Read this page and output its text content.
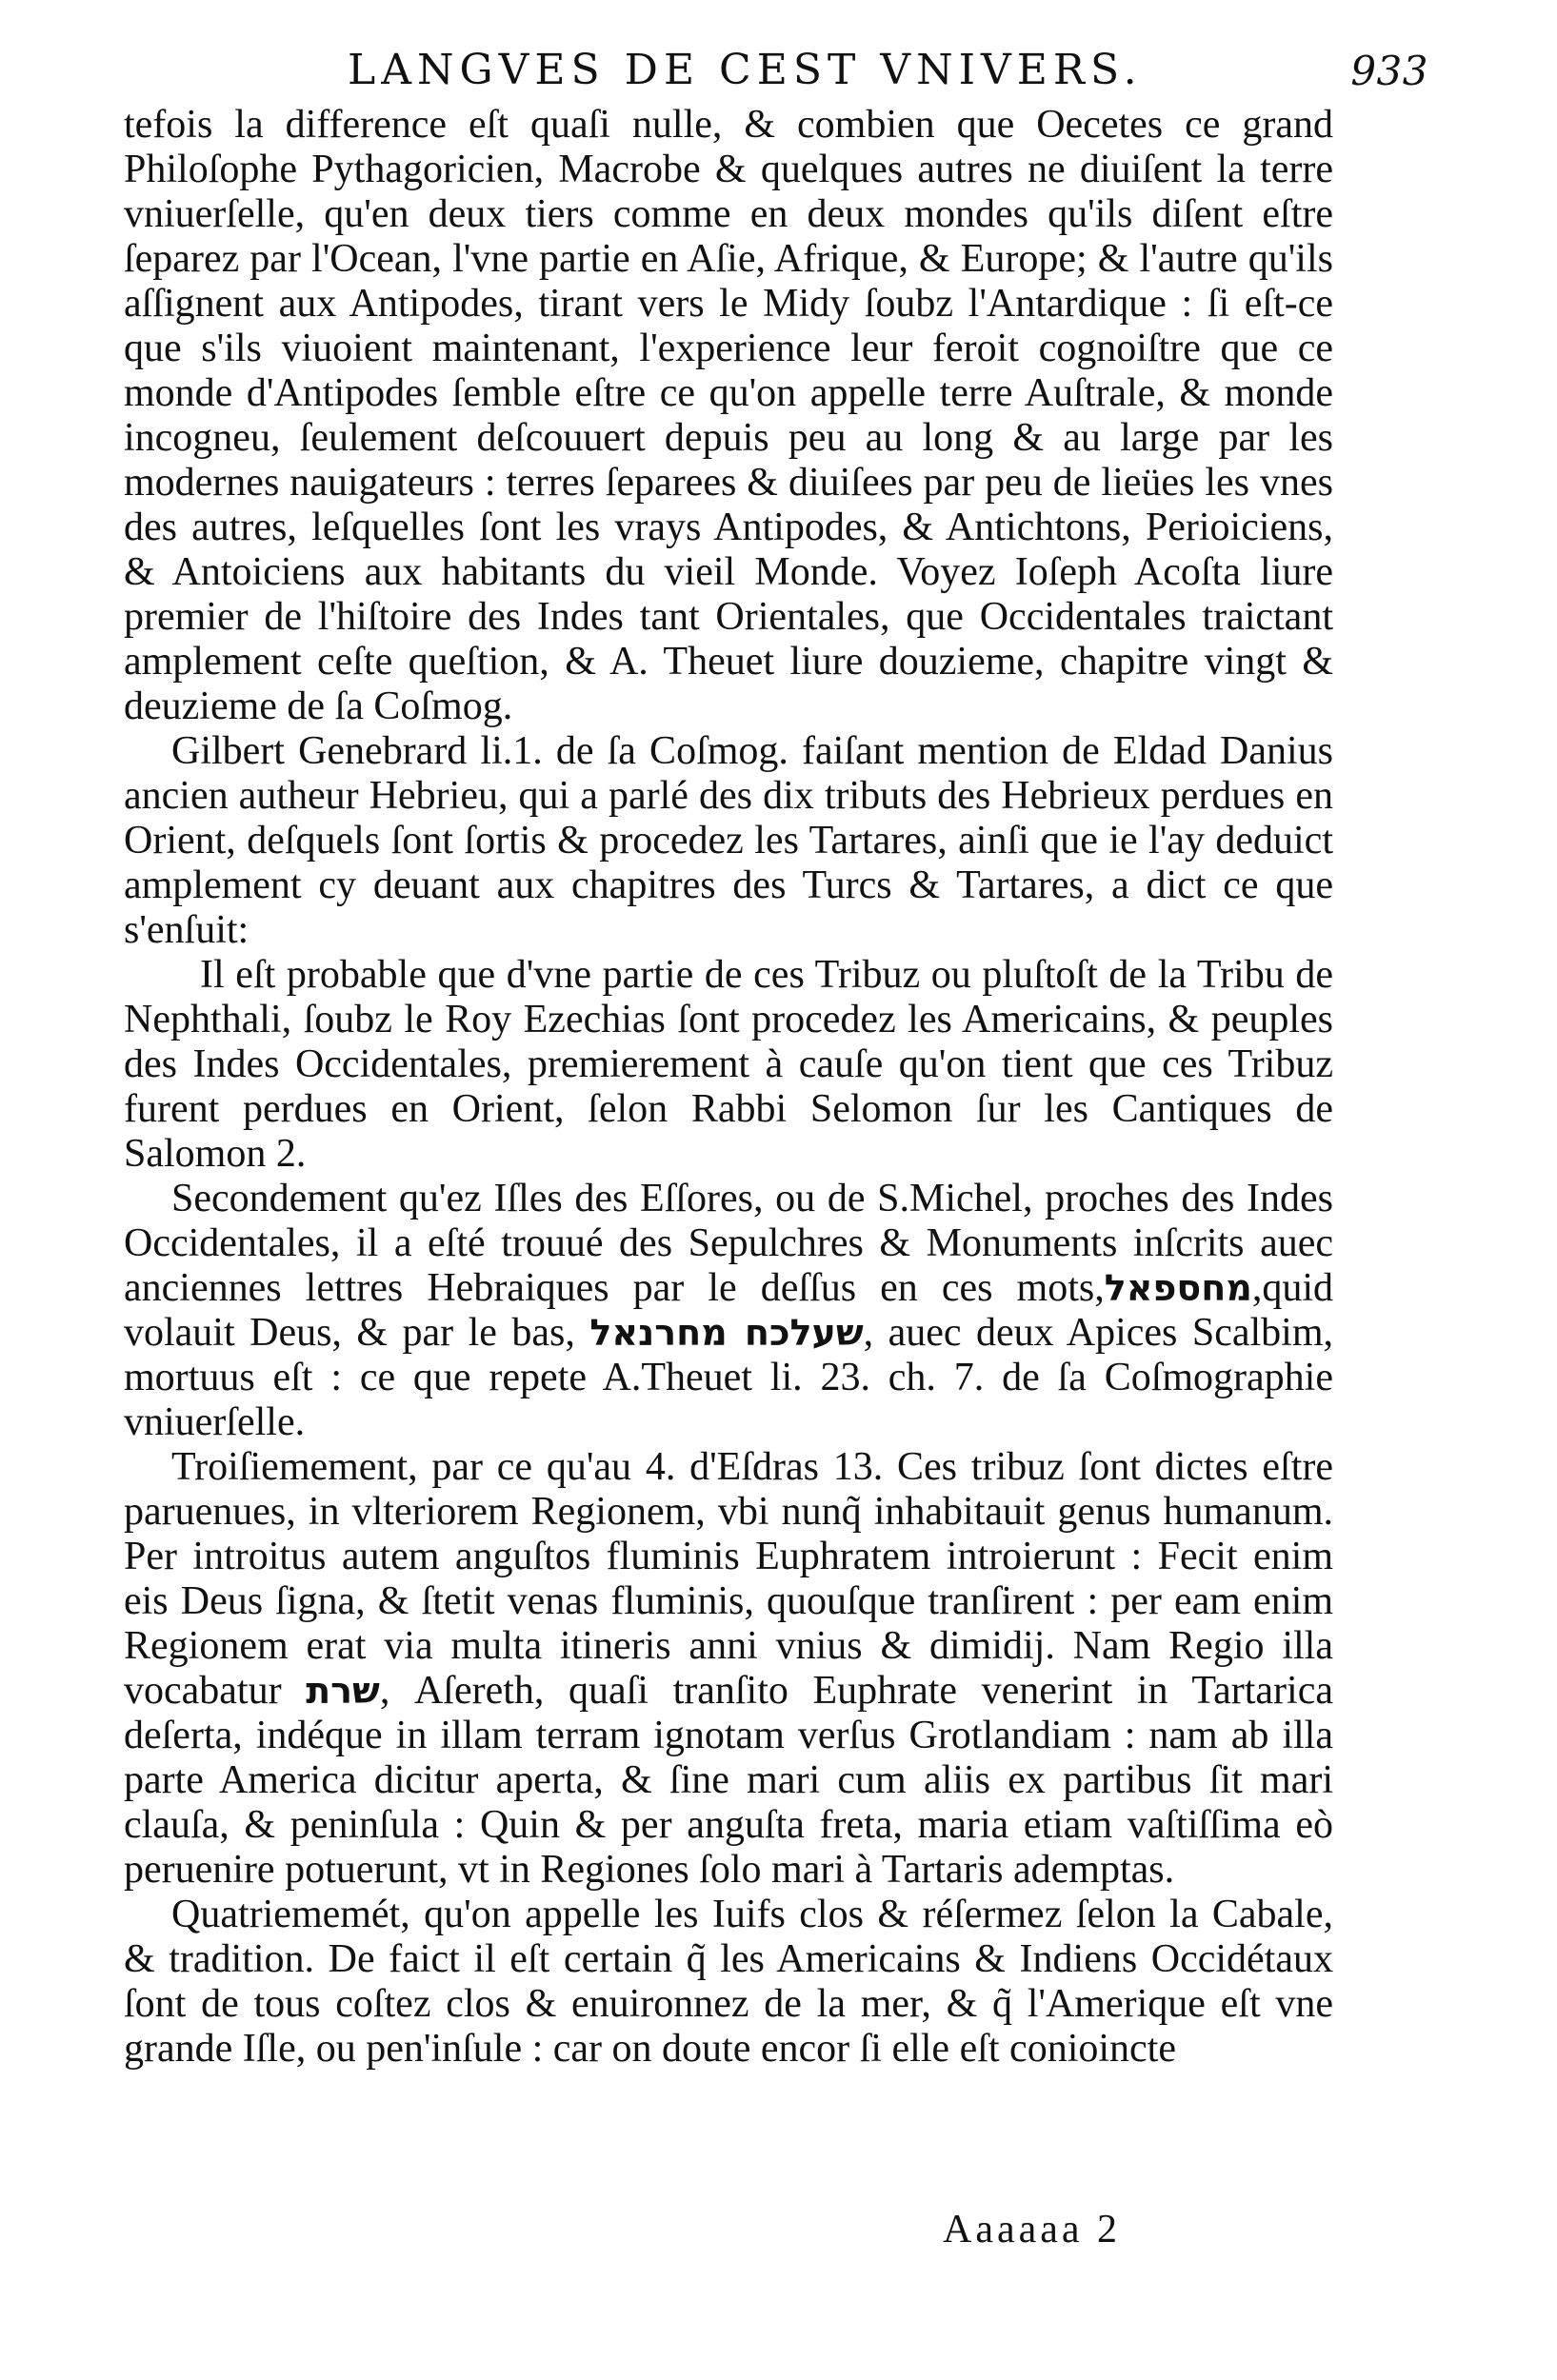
LANGVES DE CEST VNIVERS.	933

tefois la difference eſt quaſi nulle, & combien que Oecetes ce grand Philoſophe Pythagoricien, Macrobe & quelques autres ne diuiſent la terre vniuerſelle, qu'en deux tiers comme en deux mondes qu'ils diſent eſtre ſeparez par l'Ocean, l'vne partie en Aſie, Afrique, & Europe; & l'autre qu'ils aſſignent aux Antipodes, tirant vers le Midy ſoubz l'Antardique : ſi eſt-ce que s'ils viuoient maintenant, l'experience leur feroit cognoiſtre que ce monde d'Antipodes ſemble eſtre ce qu'on appelle terre Auſtrale, & monde incogneu, ſeulement deſcouuert depuis peu au long & au large par les modernes nauigateurs : terres ſeparees & diuiſees par peu de lieües les vnes des autres, leſquelles ſont les vrays Antipodes, & Antichtons, Perioiciens, & Antoiciens aux habitants du vieil Monde. Voyez Ioſeph Acoſta liure premier de l'hiſtoire des Indes tant Orientales, que Occidentales traictant amplement ceſte queſtion, & A. Theuet liure douzieme, chapitre vingt & deuzieme de ſa Coſmog.

Gilbert Genebrard li.1. de ſa Coſmog. faiſant mention de Eldad Danius ancien autheur Hebrieu, qui a parlé des dix tributs des Hebrieux perdues en Orient, deſquels ſont ſortis & procedez les Tartares, ainſi que ie l'ay deduict amplement cy deuant aux chapitres des Turcs & Tartares, a dict ce que s'enſuit:

Il eſt probable que d'vne partie de ces Tribuz ou pluſtoſt de la Tribu de Nephthali, ſoubz le Roy Ezechias ſont procedez les Americains, & peuples des Indes Occidentales, premierement à cauſe qu'on tient que ces Tribuz furent perdues en Orient, ſelon Rabbi Selomon ſur les Cantiques de Salomon 2.

Secondement qu'ez Iſles des Eſſores, ou de S.Michel, proches des Indes Occidentales, il a eſté trouué des Sepulchres & Monuments inſcrits auec anciennes lettres Hebraiques par le deſſus en ces mots,מחספאל,quid volauit Deus, & par le bas, שעלכח מחרנאל, auec deux Apices Scalbim, mortuus eſt : ce que repete A.Theuet li. 23. ch. 7. de ſa Coſmographie vniuerſelle.

Troiſiemement, par ce qu'au 4. d'Eſdras 13. Ces tribuz ſont dictes eſtre paruenues, in vlteriorem Regionem, vbi nunq̃ inhabitauit genus humanum. Per introitus autem anguſtos fluminis Euphratem introierunt : Fecit enim eis Deus ſigna, & ſtetit venas fluminis, quouſque tranſirent : per eam enim Regionem erat via multa itineris anni vnius & dimidij. Nam Regio illa vocabatur שרת, Aſereth, quaſi tranſito Euphrate venerint in Tartarica deſerta, indéque in illam terram ignotam verſus Grotlandiam : nam ab illa parte America dicitur aperta, & ſine mari cum aliis ex partibus ſit mari clauſa, & peninſula : Quin & per anguſta freta, maria etiam vaſtiſſima eò peruenire potuerunt, vt in Regiones ſolo mari à Tartaris ademptas.

Quatriememét, qu'on appelle les Iuifs clos & réſermez ſelon la Cabale, & tradition. De faict il eſt certain q̃ les Americains & Indiens Occidétaux ſont de tous coſtez clos & enuironnez de la mer, & q̃ l'Amerique eſt vne grande Iſle, ou pen'inſule : car on doute encor ſi elle eſt conioincte

Aaaaaa 2
